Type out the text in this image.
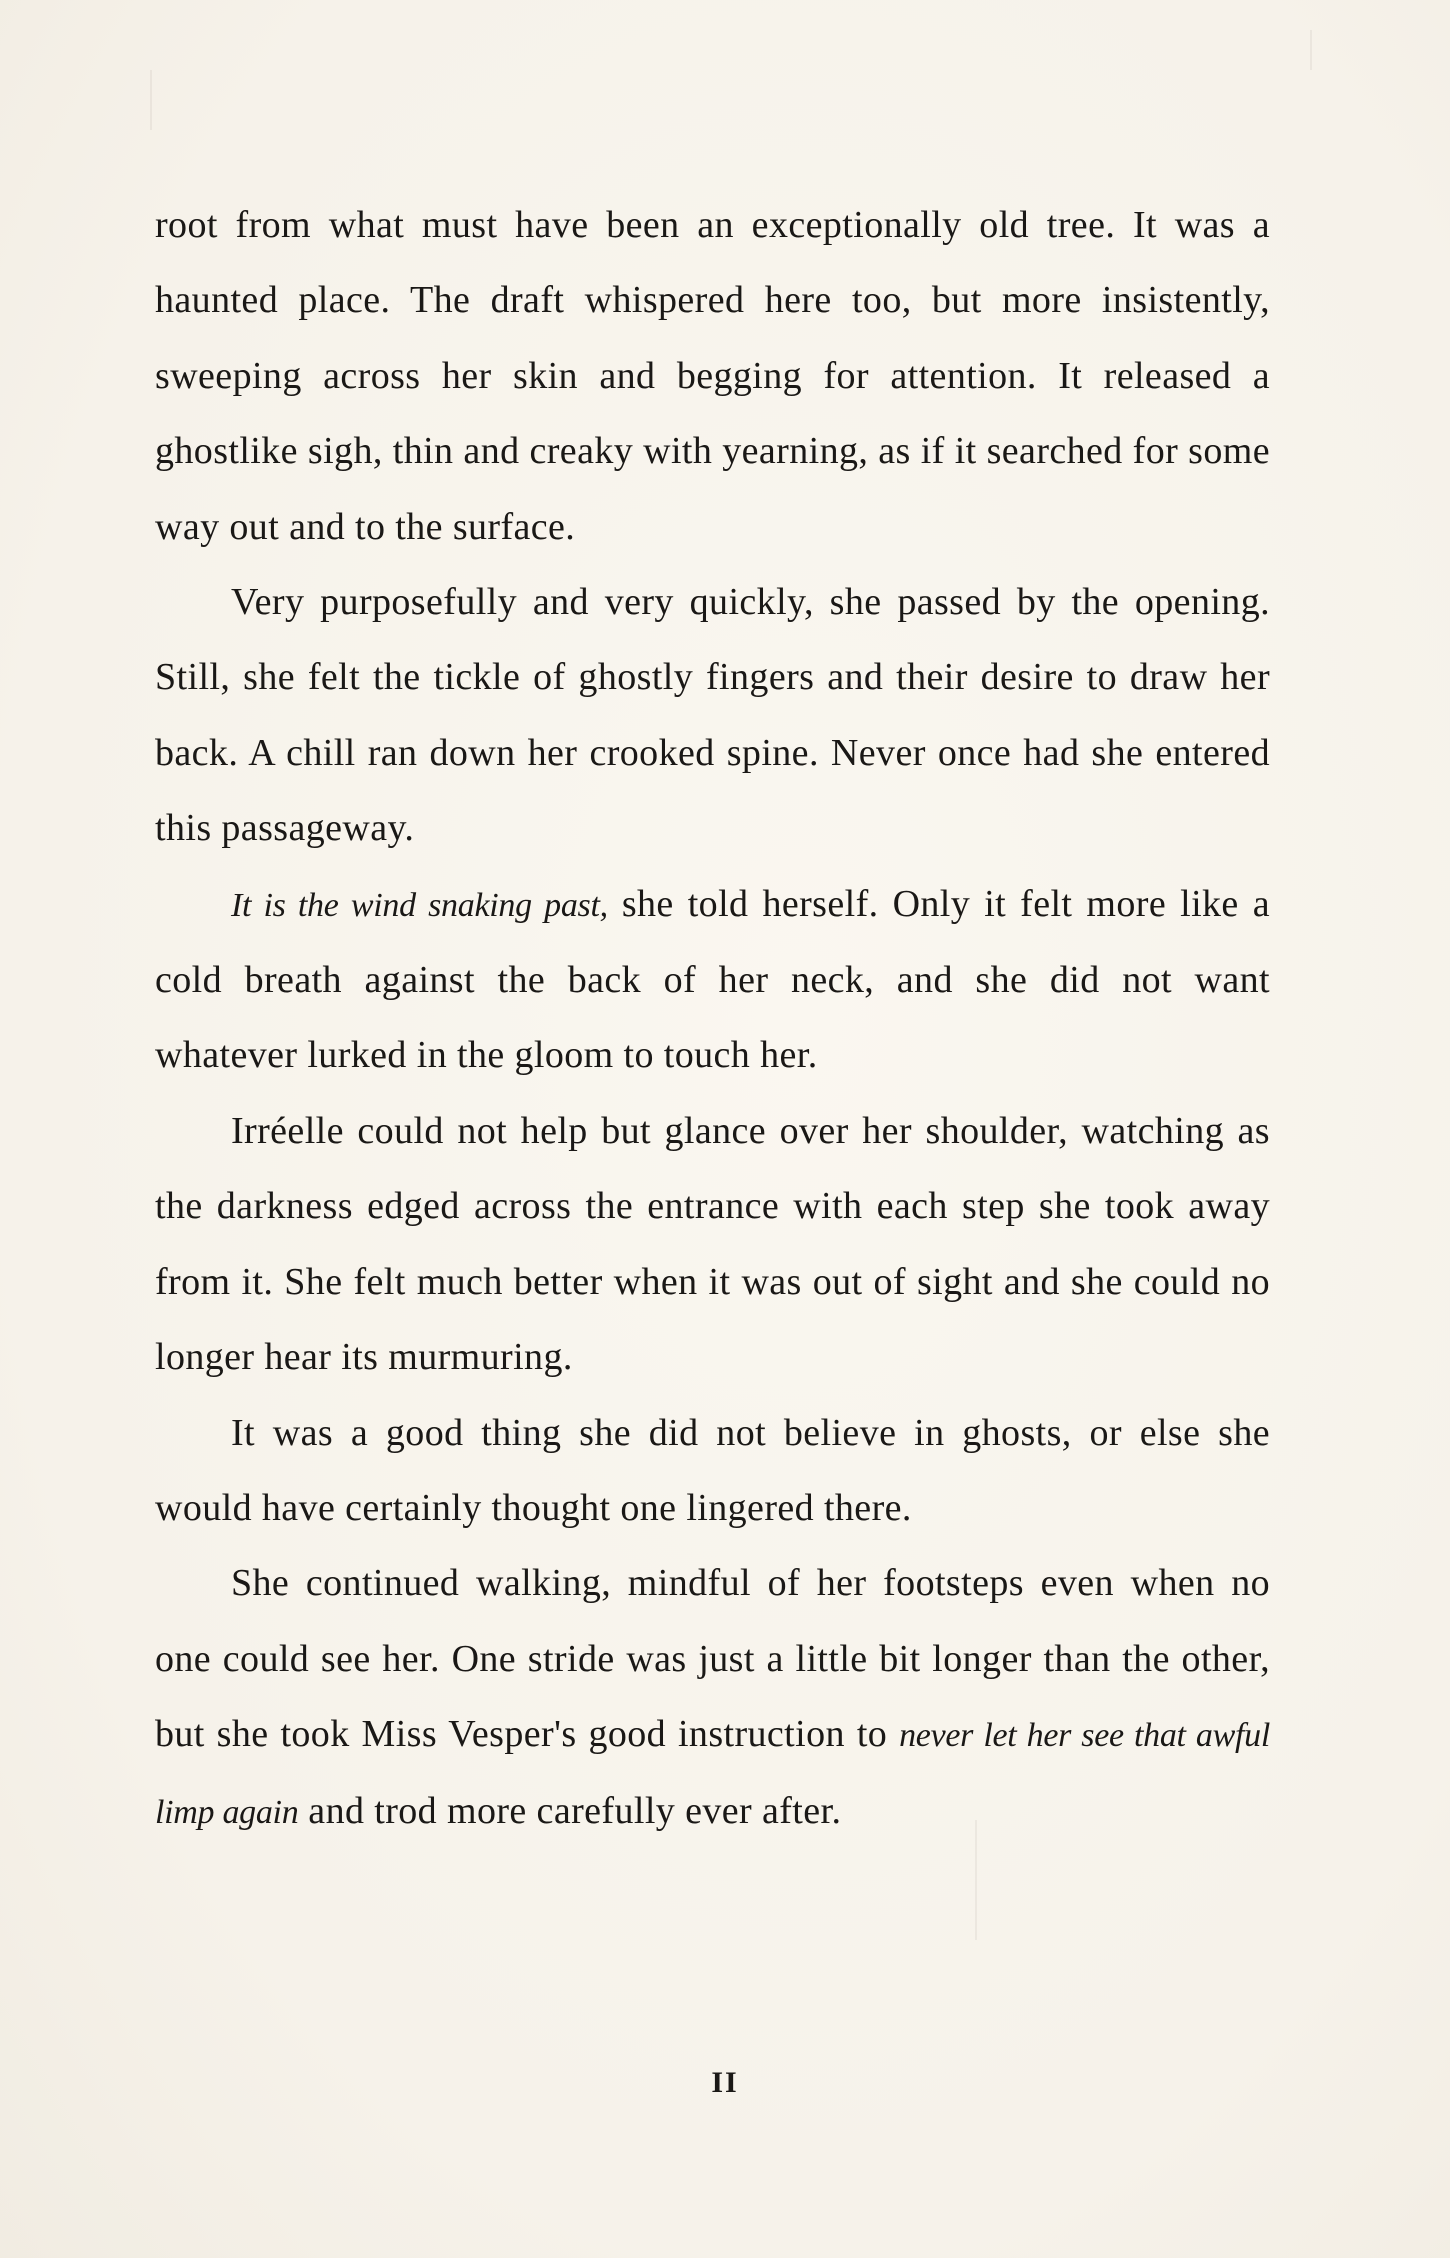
root from what must have been an exceptionally old tree. It was a haunted place. The draft whispered here too, but more insistently, sweeping across her skin and begging for attention. It released a ghostlike sigh, thin and creaky with yearning, as if it searched for some way out and to the surface.

Very purposefully and very quickly, she passed by the opening. Still, she felt the tickle of ghostly fingers and their desire to draw her back. A chill ran down her crooked spine. Never once had she entered this passageway.

It is the wind snaking past, she told herself. Only it felt more like a cold breath against the back of her neck, and she did not want whatever lurked in the gloom to touch her.

Irréelle could not help but glance over her shoulder, watching as the darkness edged across the entrance with each step she took away from it. She felt much better when it was out of sight and she could no longer hear its murmuring.

It was a good thing she did not believe in ghosts, or else she would have certainly thought one lingered there.

She continued walking, mindful of her footsteps even when no one could see her. One stride was just a little bit longer than the other, but she took Miss Vesper's good instruction to never let her see that awful limp again and trod more carefully ever after.

II
